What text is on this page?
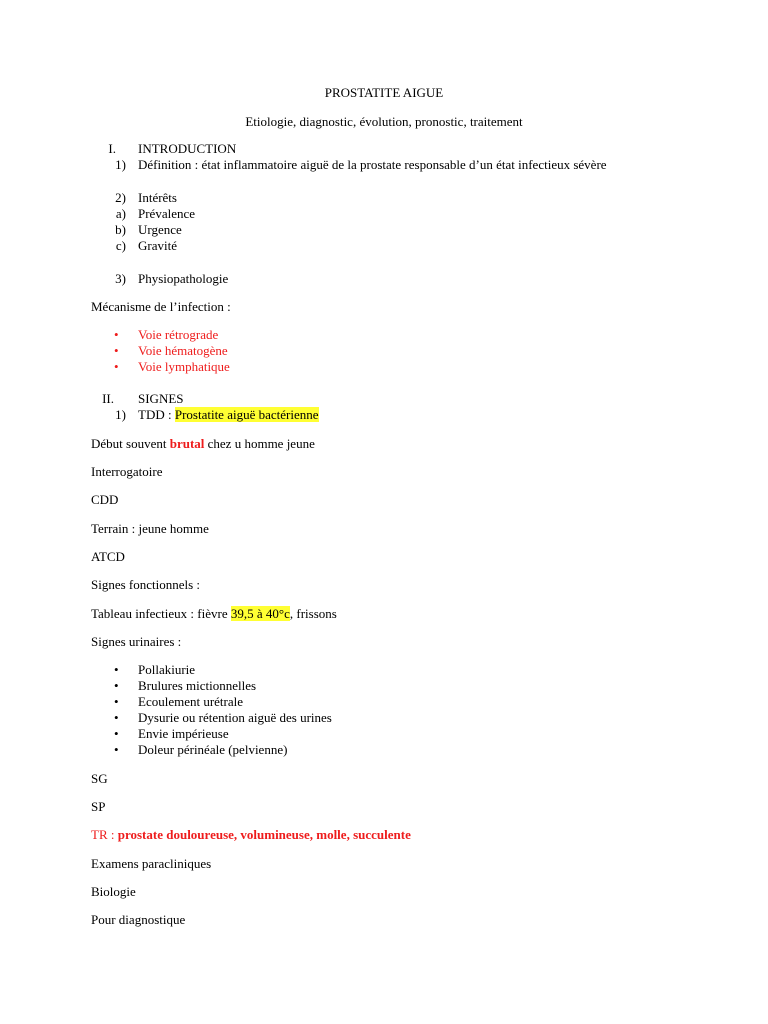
PROSTATITE AIGUE
Etiologie, diagnostic, évolution, pronostic, traitement
I. INTRODUCTION
1) Définition : état inflammatoire aiguë de la prostate responsable d’un état infectieux sévère
2) Intérêts
a) Prévalence
b) Urgence
c) Gravité
3) Physiopathologie
Mécanisme de l’infection :
• Voie rétrograde
• Voie hématogène
• Voie lymphatique
II. SIGNES
1) TDD : Prostatite aiguë bactérienne
Début souvent brutal chez u homme jeune
Interrogatoire
CDD
Terrain : jeune homme
ATCD
Signes fonctionnels :
Tableau infectieux : fièvre 39,5 à 40°c, frissons
Signes urinaires :
• Pollakiurie
• Brulures mictionnelles
• Ecoulement urétrale
• Dysurie ou rétention aiguë des urines
• Envie impérieuse
• Doleur périnéale (pelvienne)
SG
SP
TR : prostate douloureuse, volumineuse, molle, succulente
Examens paracliniques
Biologie
Pour diagnostique
